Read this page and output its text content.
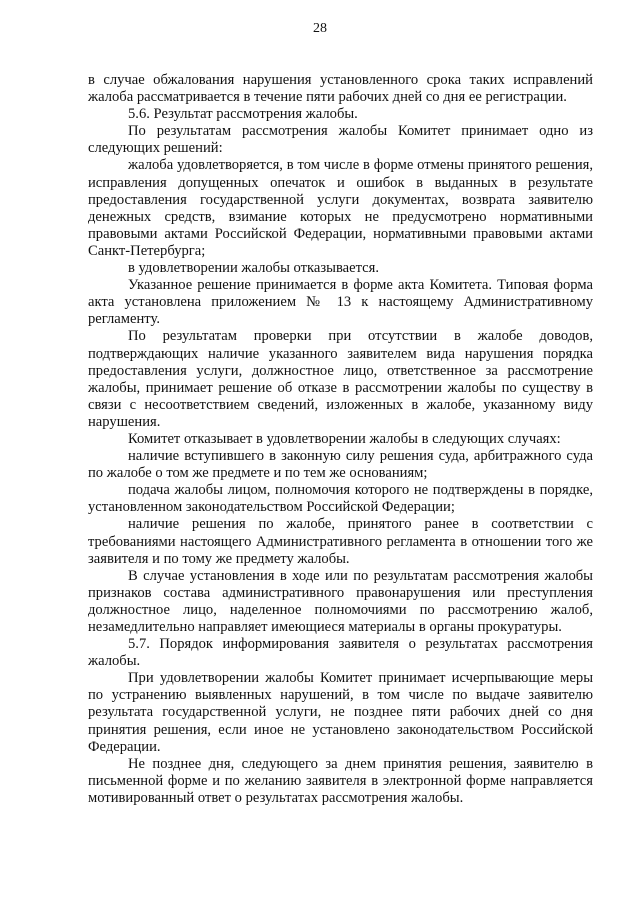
28

в случае обжалования нарушения установленного срока таких исправлений жалоба рассматривается в течение пяти рабочих дней со дня ее регистрации.

5.6. Результат рассмотрения жалобы.

По результатам рассмотрения жалобы Комитет принимает одно из следующих решений:

жалоба удовлетворяется, в том числе в форме отмены принятого решения, исправления допущенных опечаток и ошибок в выданных в результате предоставления государственной услуги документах, возврата заявителю денежных средств, взимание которых не предусмотрено нормативными правовыми актами Российской Федерации, нормативными правовыми актами Санкт-Петербурга;

в удовлетворении жалобы отказывается.

Указанное решение принимается в форме акта Комитета. Типовая форма акта установлена приложением № 13 к настоящему Административному регламенту.

По результатам проверки при отсутствии в жалобе доводов, подтверждающих наличие указанного заявителем вида нарушения порядка предоставления услуги, должностное лицо, ответственное за рассмотрение жалобы, принимает решение об отказе в рассмотрении жалобы по существу в связи с несоответствием сведений, изложенных в жалобе, указанному виду нарушения.

Комитет отказывает в удовлетворении жалобы в следующих случаях:

наличие вступившего в законную силу решения суда, арбитражного суда по жалобе о том же предмете и по тем же основаниям;

подача жалобы лицом, полномочия которого не подтверждены в порядке, установленном законодательством Российской Федерации;

наличие решения по жалобе, принятого ранее в соответствии с требованиями настоящего Административного регламента в отношении того же заявителя и по тому же предмету жалобы.

В случае установления в ходе или по результатам рассмотрения жалобы признаков состава административного правонарушения или преступления должностное лицо, наделенное полномочиями по рассмотрению жалоб, незамедлительно направляет имеющиеся материалы в органы прокуратуры.

5.7. Порядок информирования заявителя о результатах рассмотрения жалобы.

При удовлетворении жалобы Комитет принимает исчерпывающие меры по устранению выявленных нарушений, в том числе по выдаче заявителю результата государственной услуги, не позднее пяти рабочих дней со дня принятия решения, если иное не установлено законодательством Российской Федерации.

Не позднее дня, следующего за днем принятия решения, заявителю в письменной форме и по желанию заявителя в электронной форме направляется мотивированный ответ о результатах рассмотрения жалобы.
